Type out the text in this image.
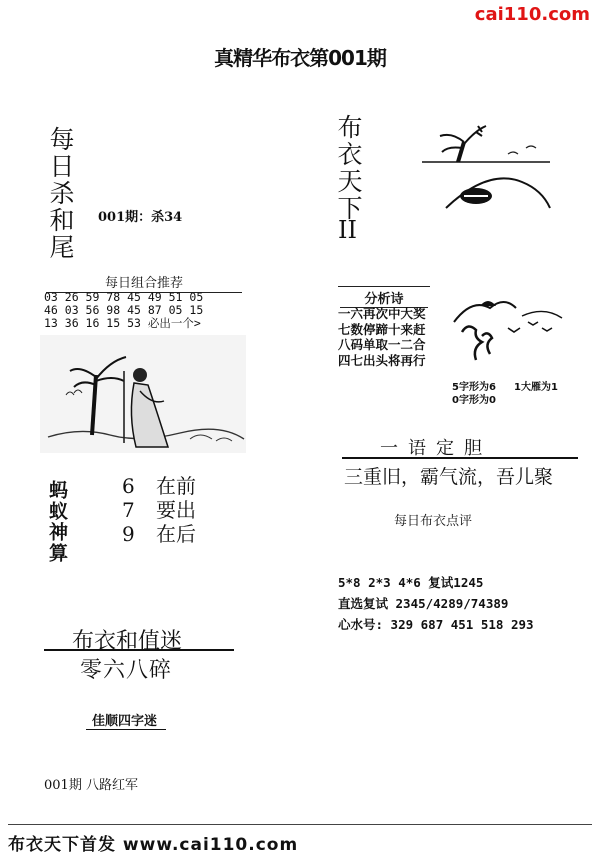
cai110.com
真精华布衣第001期
每日杀和尾 001期：杀34
每日组合推荐
03 26 59 78 45 49 51 05
46 03 56 98 45 87 05 15
13 36 16 15 53 必出一个>
蚂蚁神算	6 在前
7 要出
9 在后
布衣和值迷
零六八碎
佳顺四字迷
001期 八路红军
布衣天下
II
分析诗
一六再次中大奖
七数停蹄十来赶
八码单取一二合
四七出头将再行
5字形为6 1大雁为1
0字形为0
一语定胆
三重旧，霸气流，吾儿聚
每日布衣点评
5*8 2*3 4*6 复试1245
直选复试 2345/4289/74389
心水号: 329 687 451 518 293
布衣天下首发 www.cai110.com
